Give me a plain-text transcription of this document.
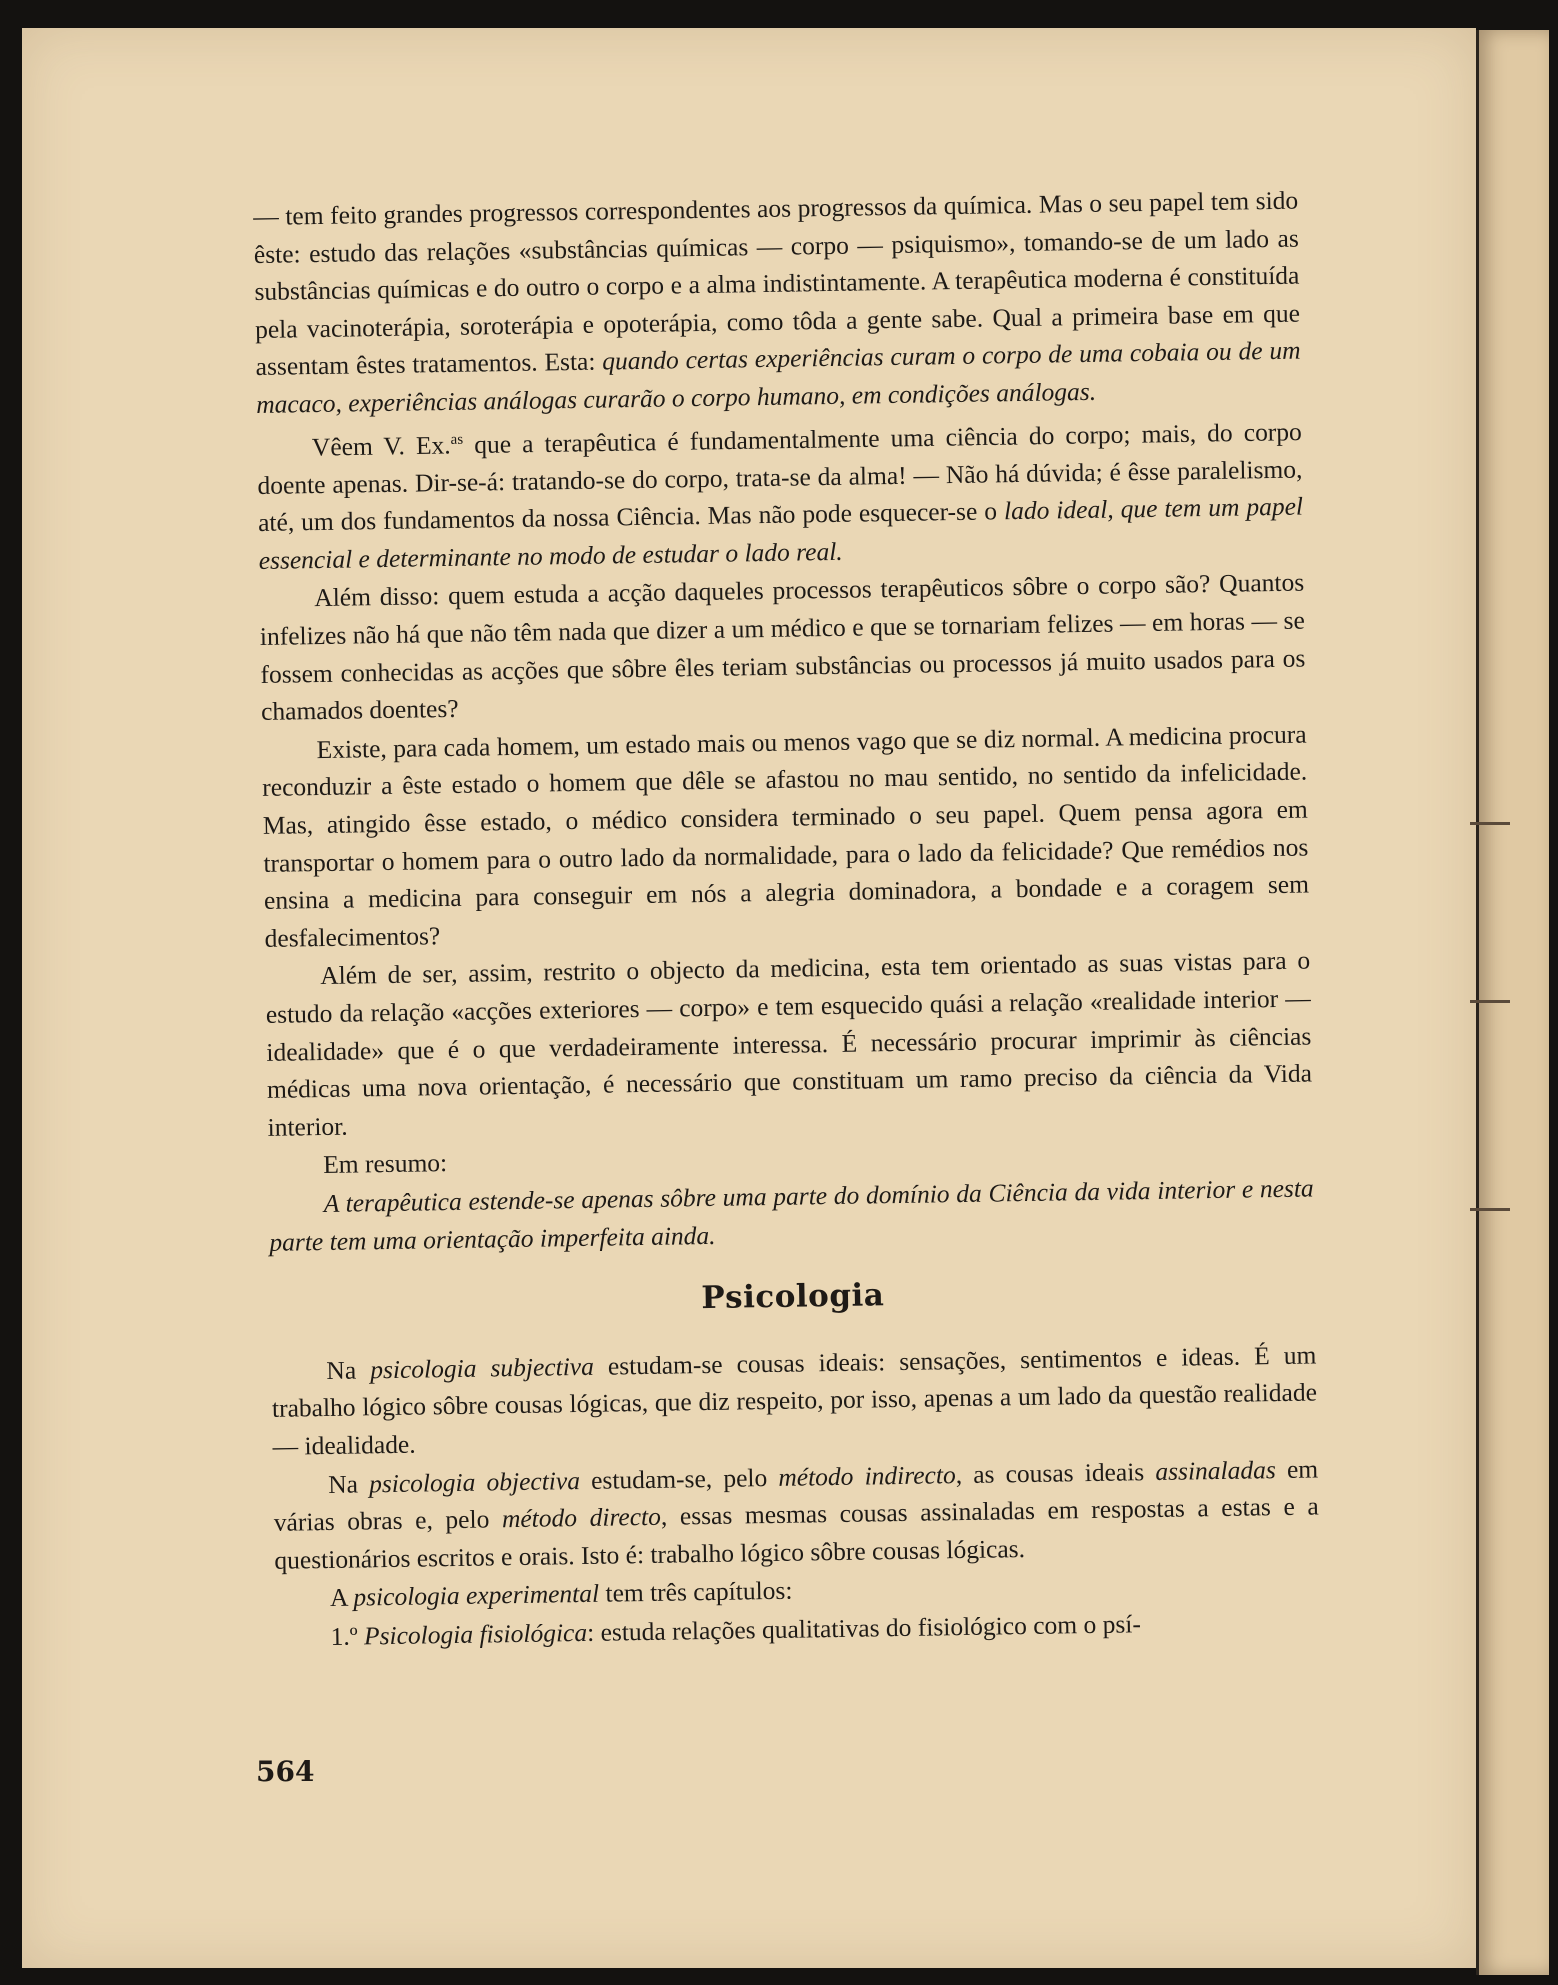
— tem feito grandes progressos correspondentes aos progressos da química. Mas o seu papel tem sido êste: estudo das relações «substâncias químicas — corpo — psiquismo», tomando-se de um lado as substâncias químicas e do outro o corpo e a alma indistintamente. A terapêutica moderna é constituída pela vacinoterápia, soroterápia e opoterápia, como tôda a gente sabe. Qual a primeira base em que assentam êstes tratamentos. Esta: quando certas experiências curam o corpo de uma cobaia ou de um macaco, experiências análogas curarão o corpo humano, em condições análogas.

Vêem V. Ex.$^{as}$ que a terapêutica é fundamentalmente uma ciência do corpo; mais, do corpo doente apenas. Dir-se-á: tratando-se do corpo, trata-se da alma! — Não há dúvida; é êsse paralelismo, até, um dos fundamentos da nossa Ciência. Mas não pode esquecer-se o lado ideal, que tem um papel essencial e determinante no modo de estudar o lado real.

Além disso: quem estuda a acção daqueles processos terapêuticos sôbre o corpo são? Quantos infelizes não há que não têm nada que dizer a um médico e que se tornariam felizes — em horas — se fossem conhecidas as acções que sôbre êles teriam substâncias ou processos já muito usados para os chamados doentes?

Existe, para cada homem, um estado mais ou menos vago que se diz normal. A medicina procura reconduzir a êste estado o homem que dêle se afastou no mau sentido, no sentido da infelicidade. Mas, atingido êsse estado, o médico considera terminado o seu papel. Quem pensa agora em transportar o homem para o outro lado da normalidade, para o lado da felicidade? Que remédios nos ensina a medicina para conseguir em nós a alegria dominadora, a bondade e a coragem sem desfalecimentos?

Além de ser, assim, restrito o objecto da medicina, esta tem orientado as suas vistas para o estudo da relação «acções exteriores — corpo» e tem esquecido quási a relação «realidade interior — idealidade» que é o que verdadeiramente interessa. É necessário procurar imprimir às ciências médicas uma nova orientação, é necessário que constituam um ramo preciso da ciência da Vida interior.

Em resumo:

A terapêutica estende-se apenas sôbre uma parte do domínio da Ciência da vida interior e nesta parte tem uma orientação imperfeita ainda.

Psicologia

Na psicologia subjectiva estudam-se cousas ideais: sensações, sentimentos e ideas. É um trabalho lógico sôbre cousas lógicas, que diz respeito, por isso, apenas a um lado da questão realidade — idealidade.

Na psicologia objectiva estudam-se, pelo método indirecto, as cousas ideais assinaladas em várias obras e, pelo método directo, essas mesmas cousas assinaladas em respostas a estas e a questionários escritos e orais. Isto é: trabalho lógico sôbre cousas lógicas.

A psicologia experimental tem três capítulos:

1.º Psicologia fisiológica: estuda relações qualitativas do fisiológico com o psí-

564
